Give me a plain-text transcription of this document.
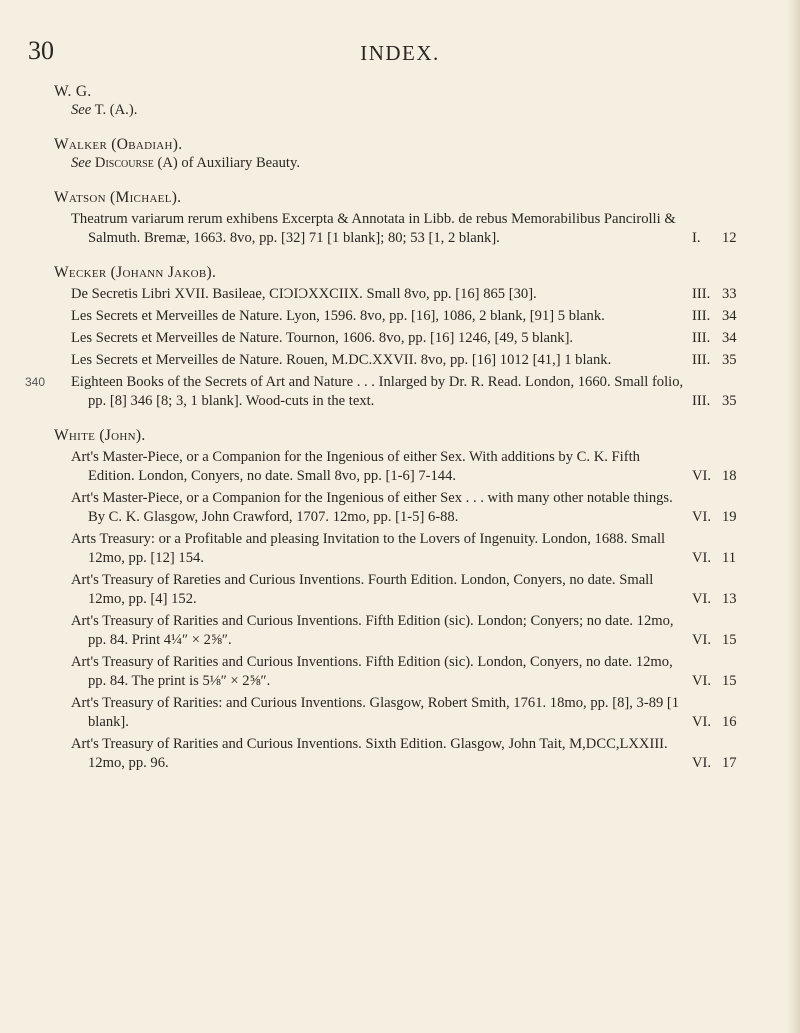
30	INDEX.
W. G.
See T. (A.).
Walker (Obadiah).
See Discourse (A) of Auxiliary Beauty.
Watson (Michael).
Theatrum variarum rerum exhibens Excerpta & Annotata in Libb. de rebus Memorabilibus Pancirolli & Salmuth. Bremæ, 1663. 8vo, pp. [32] 71 [1 blank]; 80; 53 [1, 2 blank].	I. 12
Wecker (Johann Jakob).
De Secretis Libri XVII. Basileae, CIƆIƆXXCIIX. Small 8vo, pp. [16] 865 [30].	III. 33
Les Secrets et Merveilles de Nature. Lyon, 1596. 8vo, pp. [16], 1086, 2 blank, [91] 5 blank.	III. 34
Les Secrets et Merveilles de Nature. Tournon, 1606. 8vo, pp. [16] 1246, [49, 5 blank].	III. 34
Les Secrets et Merveilles de Nature. Rouen, M.DC.XXVII. 8vo, pp. [16] 1012 [41,] 1 blank.	III. 35
340 Eighteen Books of the Secrets of Art and Nature . . . Inlarged by Dr. R. Read. London, 1660. Small folio, pp. [8] 346 [8; 3, 1 blank]. Wood-cuts in the text.	III. 35
White (John).
Art's Master-Piece, or a Companion for the Ingenious of either Sex. With additions by C. K. Fifth Edition. London, Conyers, no date. Small 8vo, pp. [1-6] 7-144.	VI. 18
Art's Master-Piece, or a Companion for the Ingenious of either Sex . . . with many other notable things. By C. K. Glasgow, John Crawford, 1707. 12mo, pp. [1-5] 6-88.	VI. 19
Arts Treasury: or a Profitable and pleasing Invitation to the Lovers of Ingenuity. London, 1688. Small 12mo, pp. [12] 154.	VI. 11
Art's Treasury of Rareties and Curious Inventions. Fourth Edition. London, Conyers, no date. Small 12mo, pp. [4] 152.	VI. 13
Art's Treasury of Rarities and Curious Inventions. Fifth Edition (sic). London; Conyers; no date. 12mo, pp. 84. Print 4¼″ × 2⅝″.	VI. 15
Art's Treasury of Rarities and Curious Inventions. Fifth Edition (sic). London, Conyers, no date. 12mo, pp. 84. The print is 5⅛″ × 2⅝″.	VI. 15
Art's Treasury of Rarities: and Curious Inventions. Glasgow, Robert Smith, 1761. 18mo, pp. [8], 3-89 [1 blank].	VI. 16
Art's Treasury of Rarities and Curious Inventions. Sixth Edition. Glasgow, John Tait, M,DCC,LXXIII. 12mo, pp. 96.	VI. 17
